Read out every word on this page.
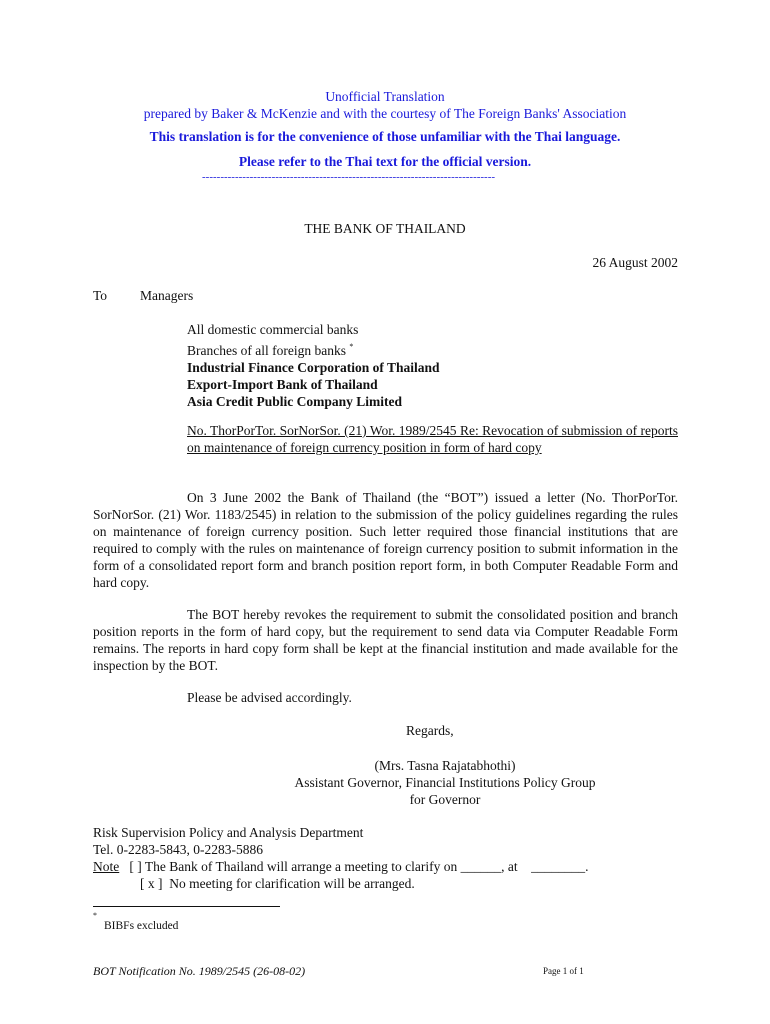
Unofficial Translation
prepared by Baker & McKenzie and with the courtesy of The Foreign Banks' Association
This translation is for the convenience of those unfamiliar with the Thai language.
Please refer to the Thai text for the official version.
--------------------------------------------------------------------------------
THE BANK OF THAILAND
26 August 2002
To Managers
All domestic commercial banks
Branches of all foreign banks *
Industrial Finance Corporation of Thailand
Export-Import Bank of Thailand
Asia Credit Public Company Limited
No. ThorPorTor. SorNorSor. (21) Wor. 1989/2545 Re: Revocation of submission of reports on maintenance of foreign currency position in form of hard copy
On 3 June 2002 the Bank of Thailand (the “BOT”) issued a letter (No. ThorPorTor. SorNorSor. (21) Wor. 1183/2545) in relation to the submission of the policy guidelines regarding the rules on maintenance of foreign currency position. Such letter required those financial institutions that are required to comply with the rules on maintenance of foreign currency position to submit information in the form of a consolidated report form and branch position report form, in both Computer Readable Form and hard copy.
The BOT hereby revokes the requirement to submit the consolidated position and branch position reports in the form of hard copy, but the requirement to send data via Computer Readable Form remains. The reports in hard copy form shall be kept at the financial institution and made available for the inspection by the BOT.
Please be advised accordingly.
Regards,
(Mrs. Tasna Rajatabhothi)
Assistant Governor, Financial Institutions Policy Group
for Governor
Risk Supervision Policy and Analysis Department
Tel. 0-2283-5843, 0-2283-5886
Note [ ] The Bank of Thailand will arrange a meeting to clarify on ______, at    ________.
[ x ]  No meeting for clarification will be arranged.
*
BIBFs excluded
BOT Notification No. 1989/2545 (26-08-02)	Page 1 of 1
